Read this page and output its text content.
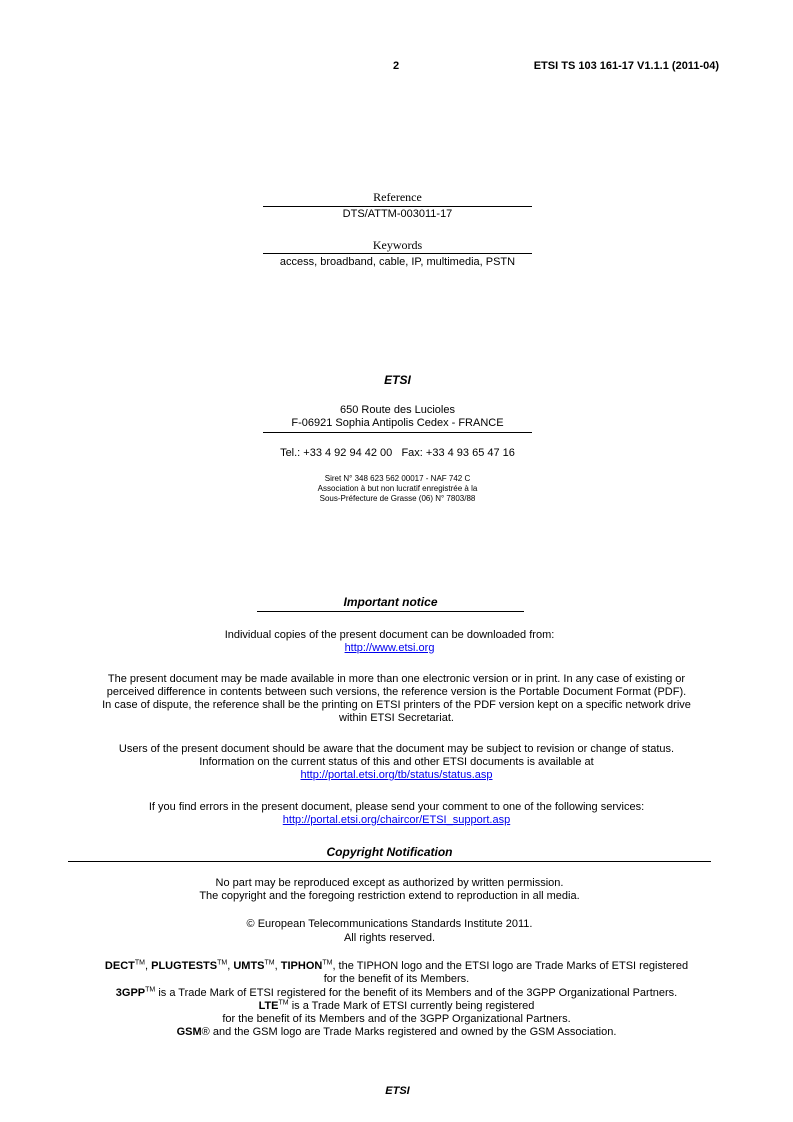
2	ETSI TS 103 161-17 V1.1.1 (2011-04)
Reference
DTS/ATTM-003011-17
Keywords
access, broadband, cable, IP, multimedia, PSTN
ETSI
650 Route des Lucioles
F-06921 Sophia Antipolis Cedex - FRANCE
Tel.: +33 4 92 94 42 00   Fax: +33 4 93 65 47 16
Siret N° 348 623 562 00017 - NAF 742 C
Association à but non lucratif enregistrée à la
Sous-Préfecture de Grasse (06) N° 7803/88
Important notice
Individual copies of the present document can be downloaded from:
http://www.etsi.org
The present document may be made available in more than one electronic version or in print. In any case of existing or
perceived difference in contents between such versions, the reference version is the Portable Document Format (PDF).
In case of dispute, the reference shall be the printing on ETSI printers of the PDF version kept on a specific network drive
within ETSI Secretariat.
Users of the present document should be aware that the document may be subject to revision or change of status.
Information on the current status of this and other ETSI documents is available at
http://portal.etsi.org/tb/status/status.asp
If you find errors in the present document, please send your comment to one of the following services:
http://portal.etsi.org/chaircor/ETSI_support.asp
Copyright Notification
No part may be reproduced except as authorized by written permission.
The copyright and the foregoing restriction extend to reproduction in all media.
© European Telecommunications Standards Institute 2011.
All rights reserved.
DECT™, PLUGTESTS™, UMTS™, TIPHON™, the TIPHON logo and the ETSI logo are Trade Marks of ETSI registered
for the benefit of its Members.
3GPP™ is a Trade Mark of ETSI registered for the benefit of its Members and of the 3GPP Organizational Partners.
LTE™ is a Trade Mark of ETSI currently being registered
for the benefit of its Members and of the 3GPP Organizational Partners.
GSM® and the GSM logo are Trade Marks registered and owned by the GSM Association.
ETSI
